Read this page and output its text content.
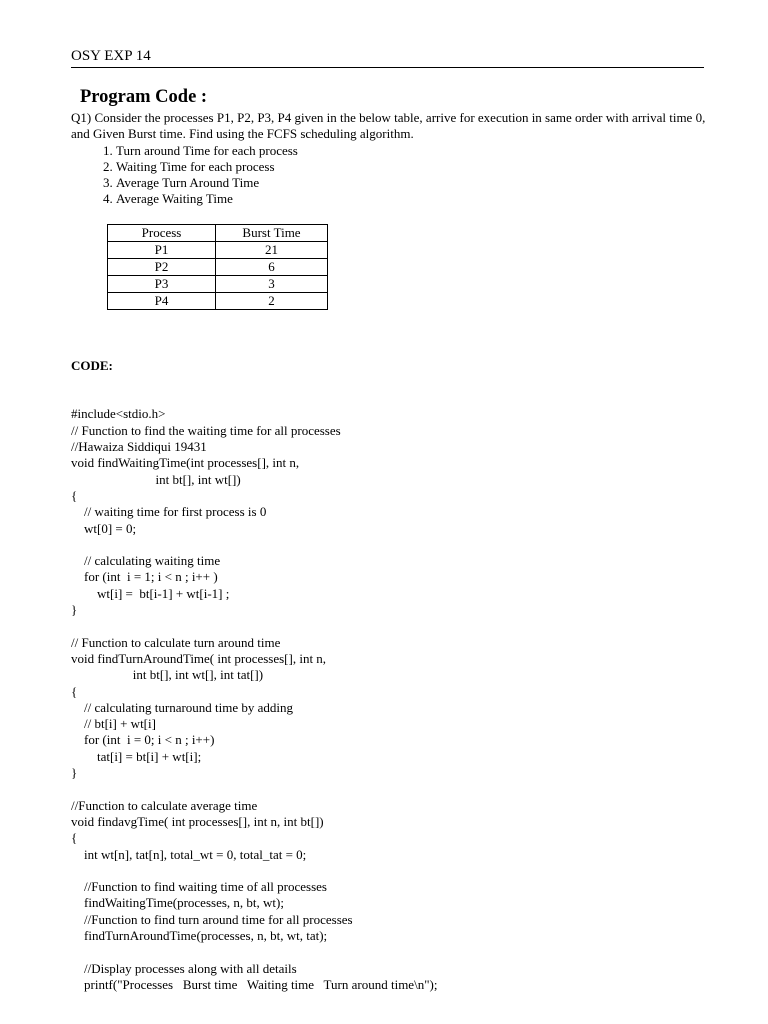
OSY EXP 14
Program Code :

Q1) Consider the processes P1, P2, P3, P4 given in the below table, arrive for execution in same order with arrival time 0, and Given Burst time. Find using the FCFS scheduling algorithm.

1. Turn around Time for each process
2. Waiting Time for each process
3. Average Turn Around Time
4. Average Waiting Time
Process	Burst Time
P1	21
P2	6
P3	3
P4	2

CODE:

#include<stdio.h>
// Function to find the waiting time for all processes
//Hawaiza Siddiqui 19431
void findWaitingTime(int processes[], int n,
int bt[], int wt[])
{
// waiting time for first process is 0
wt[0] = 0;
// calculating waiting time
for (int  i = 1; i < n ; i++ )
wt[i] =  bt[i-1] + wt[i-1] ;
}
// Function to calculate turn around time
void findTurnAroundTime( int processes[], int n,
int bt[], int wt[], int tat[])
{
// calculating turnaround time by adding
// bt[i] + wt[i]
for (int  i = 0; i < n ; i++)
tat[i] = bt[i] + wt[i];
}
//Function to calculate average time
void findavgTime( int processes[], int n, int bt[])
{
int wt[n], tat[n], total_wt = 0, total_tat = 0;
//Function to find waiting time of all processes
findWaitingTime(processes, n, bt, wt);
//Function to find turn around time for all processes
findTurnAroundTime(processes, n, bt, wt, tat);
//Display processes along with all details
printf("Processes   Burst time   Waiting time   Turn around time\n");
